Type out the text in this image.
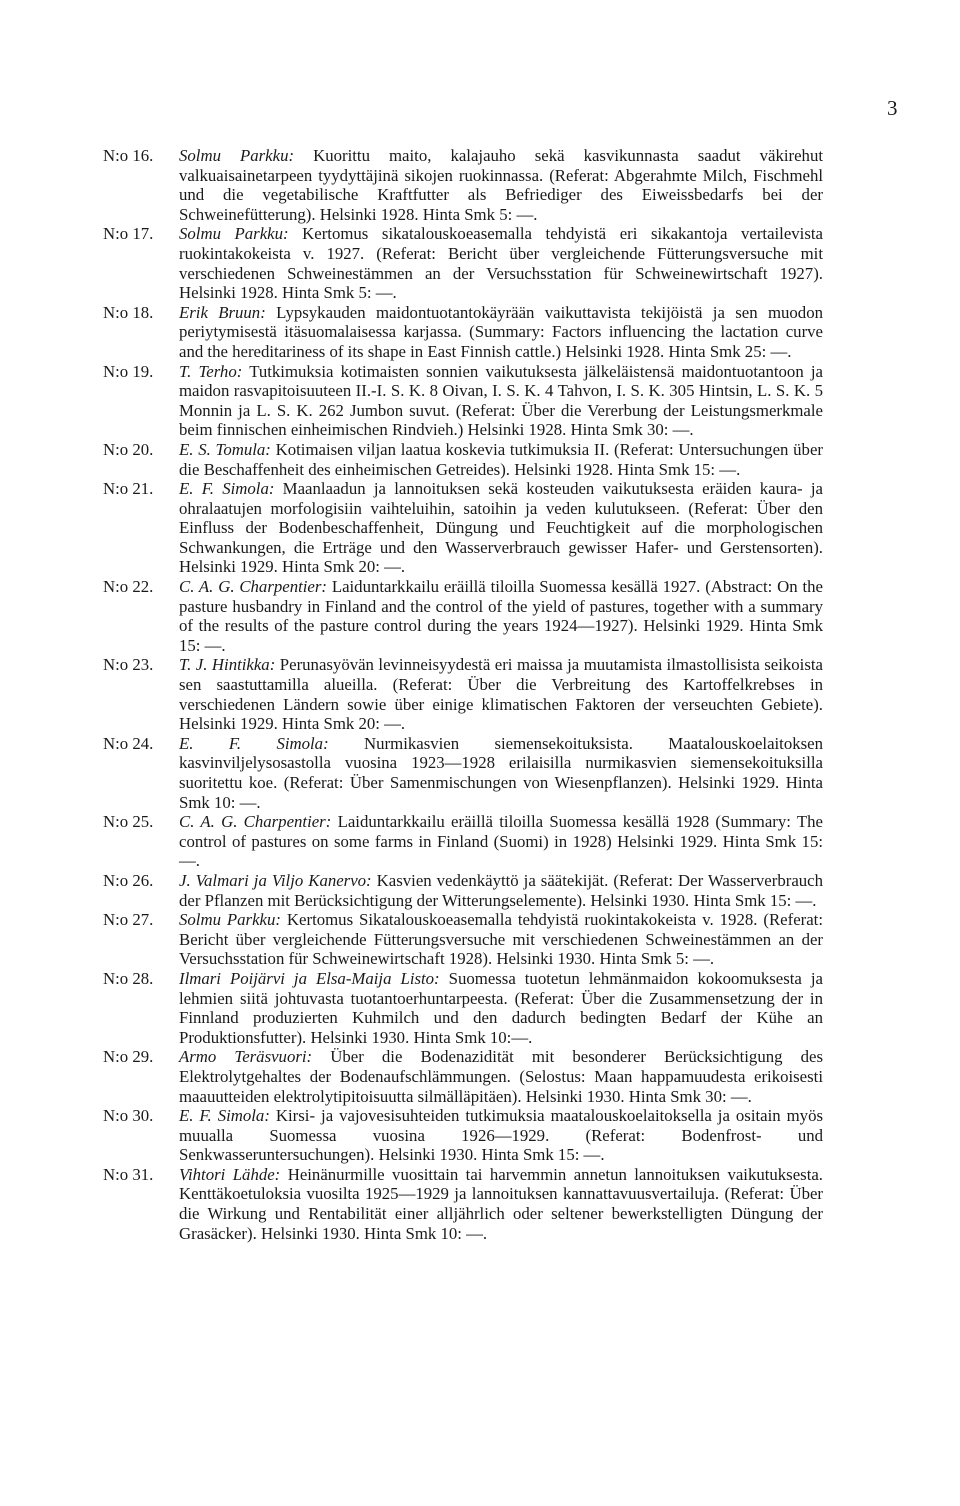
3
N:o 16.	Solmu Parkku: Kuorittu maito, kalajauho sekä kasvikunnasta saadut väkirehut valkuaisainetarpeen tyydyttäjinä sikojen ruokinnassa. (Referat: Abgerahmte Milch, Fischmehl und die vegetabilische Kraftfutter als Befriediger des Eiweissbedarfs bei der Schweinefütterung). Helsinki 1928. Hinta Smk 5: —.
N:o 17.	Solmu Parkku: Kertomus sikatalouskoeasemalla tehdyistä eri sikakantoja vertailevista ruokintakokeista v. 1927. (Referat: Bericht über vergleichende Fütterungsversuche mit verschiedenen Schweinestämmen an der Versuchsstation für Schweinewirtschaft 1927). Helsinki 1928. Hinta Smk 5: —.
N:o 18.	Erik Bruun: Lypsykauden maidontuotantokäyrään vaikuttavista tekijöistä ja sen muodon periytymisestä itäsuomalaisessa karjassa. (Summary: Factors influencing the lactation curve and the hereditariness of its shape in East Finnish cattle.) Helsinki 1928. Hinta Smk 25: —.
N:o 19.	T. Terho: Tutkimuksia kotimaisten sonnien vaikutuksesta jälkeläistensä maidontuotantoon ja maidon rasvapitoisuuteen II.-I. S. K. 8 Oivan, I. S. K. 4 Tahvon, I. S. K. 305 Hintsin, L. S. K. 5 Monnin ja L. S. K. 262 Jumbon suvut. (Referat: Über die Vererbung der Leistungsmerkmale beim finnischen einheimischen Rindvieh.) Helsinki 1928. Hinta Smk 30: —.
N:o 20.	E. S. Tomula: Kotimaisen viljan laatua koskevia tutkimuksia II. (Referat: Untersuchungen über die Beschaffenheit des einheimischen Getreides). Helsinki 1928. Hinta Smk 15: —.
N:o 21.	E. F. Simola: Maanlaadun ja lannoituksen sekä kosteuden vaikutuksesta eräiden kaura- ja ohralaatujen morfologisiin vaihteluihin, satoihin ja veden kulutukseen. (Referat: Über den Einfluss der Bodenbeschaffenheit, Düngung und Feuchtigkeit auf die morphologischen Schwankungen, die Erträge und den Wasserverbrauch gewisser Hafer- und Gerstensorten). Helsinki 1929. Hinta Smk 20: —.
N:o 22.	C. A. G. Charpentier: Laiduntarkkailu eräillä tiloilla Suomessa kesällä 1927. (Abstract: On the pasture husbandry in Finland and the control of the yield of pastures, together with a summary of the results of the pasture control during the years 1924—1927). Helsinki 1929. Hinta Smk 15: —.
N:o 23.	T. J. Hintikka: Perunasyövän levinneisyydestä eri maissa ja muutamista ilmastollisista seikoista sen saastuttamilla alueilla. (Referat: Über die Verbreitung des Kartoffelkrebses in verschiedenen Ländern sowie über einige klimatischen Faktoren der verseuchten Gebiete). Helsinki 1929. Hinta Smk 20: —.
N:o 24.	E. F. Simola: Nurmikasvien siemensekoituksista. Maatalouskoelaitoksen kasvinviljelysosastolla vuosina 1923—1928 erilaisilla nurmikasvien siemensekoituksilla suoritettu koe. (Referat: Über Samenmischungen von Wiesenpflanzen). Helsinki 1929. Hinta Smk 10: —.
N:o 25.	C. A. G. Charpentier: Laiduntarkkailu eräillä tiloilla Suomessa kesällä 1928 (Summary: The control of pastures on some farms in Finland (Suomi) in 1928) Helsinki 1929. Hinta Smk 15: —.
N:o 26.	J. Valmari ja Viljo Kanervo: Kasvien vedenkäyttö ja säätekijät. (Referat: Der Wasserverbrauch der Pflanzen mit Berücksichtigung der Witterungselemente). Helsinki 1930. Hinta Smk 15: —.
N:o 27.	Solmu Parkku: Kertomus Sikatalouskoeasemalla tehdyistä ruokintakokeista v. 1928. (Referat: Bericht über vergleichende Fütterungsversuche mit verschiedenen Schweinestämmen an der Versuchsstation für Schweinewirtschaft 1928). Helsinki 1930. Hinta Smk 5: —.
N:o 28.	Ilmari Poijärvi ja Elsa-Maija Listo: Suomessa tuotetun lehmänmaidon kokoomuksesta ja lehmien siitä johtuvasta tuotantoerhuntarpeesta. (Referat: Über die Zusammensetzung der in Finnland produzierten Kuhmilch und den dadurch bedingten Bedarf der Kühe an Produktionsfutter). Helsinki 1930. Hinta Smk 10:—.
N:o 29.	Armo Teräsvuori: Über die Bodenazidität mit besonderer Berücksichtigung des Elektrolytgehaltes der Bodenaufschlämmungen. (Selostus: Maan happamuudesta erikoisesti maauutteiden elektrolytipitoisuutta silmälläpitäen). Helsinki 1930. Hinta Smk 30: —.
N:o 30.	E. F. Simola: Kirsi- ja vajovesisuhteiden tutkimuksia maatalouskoelaitoksella ja ositain myös muualla Suomessa vuosina 1926—1929. (Referat: Bodenfrost- und Senkwasseruntersuchungen). Helsinki 1930. Hinta Smk 15: —.
N:o 31.	Vihtori Lähde: Heinänurmille vuosittain tai harvemmin annetun lannoituksen vaikutuksesta. Kenttäkoetuloksia vuosilta 1925—1929 ja lannoituksen kannattavuusvertailuja. (Referat: Über die Wirkung und Rentabilität einer alljährlich oder seltener bewerkstelligten Düngung der Grasäcker). Helsinki 1930. Hinta Smk 10: —.
